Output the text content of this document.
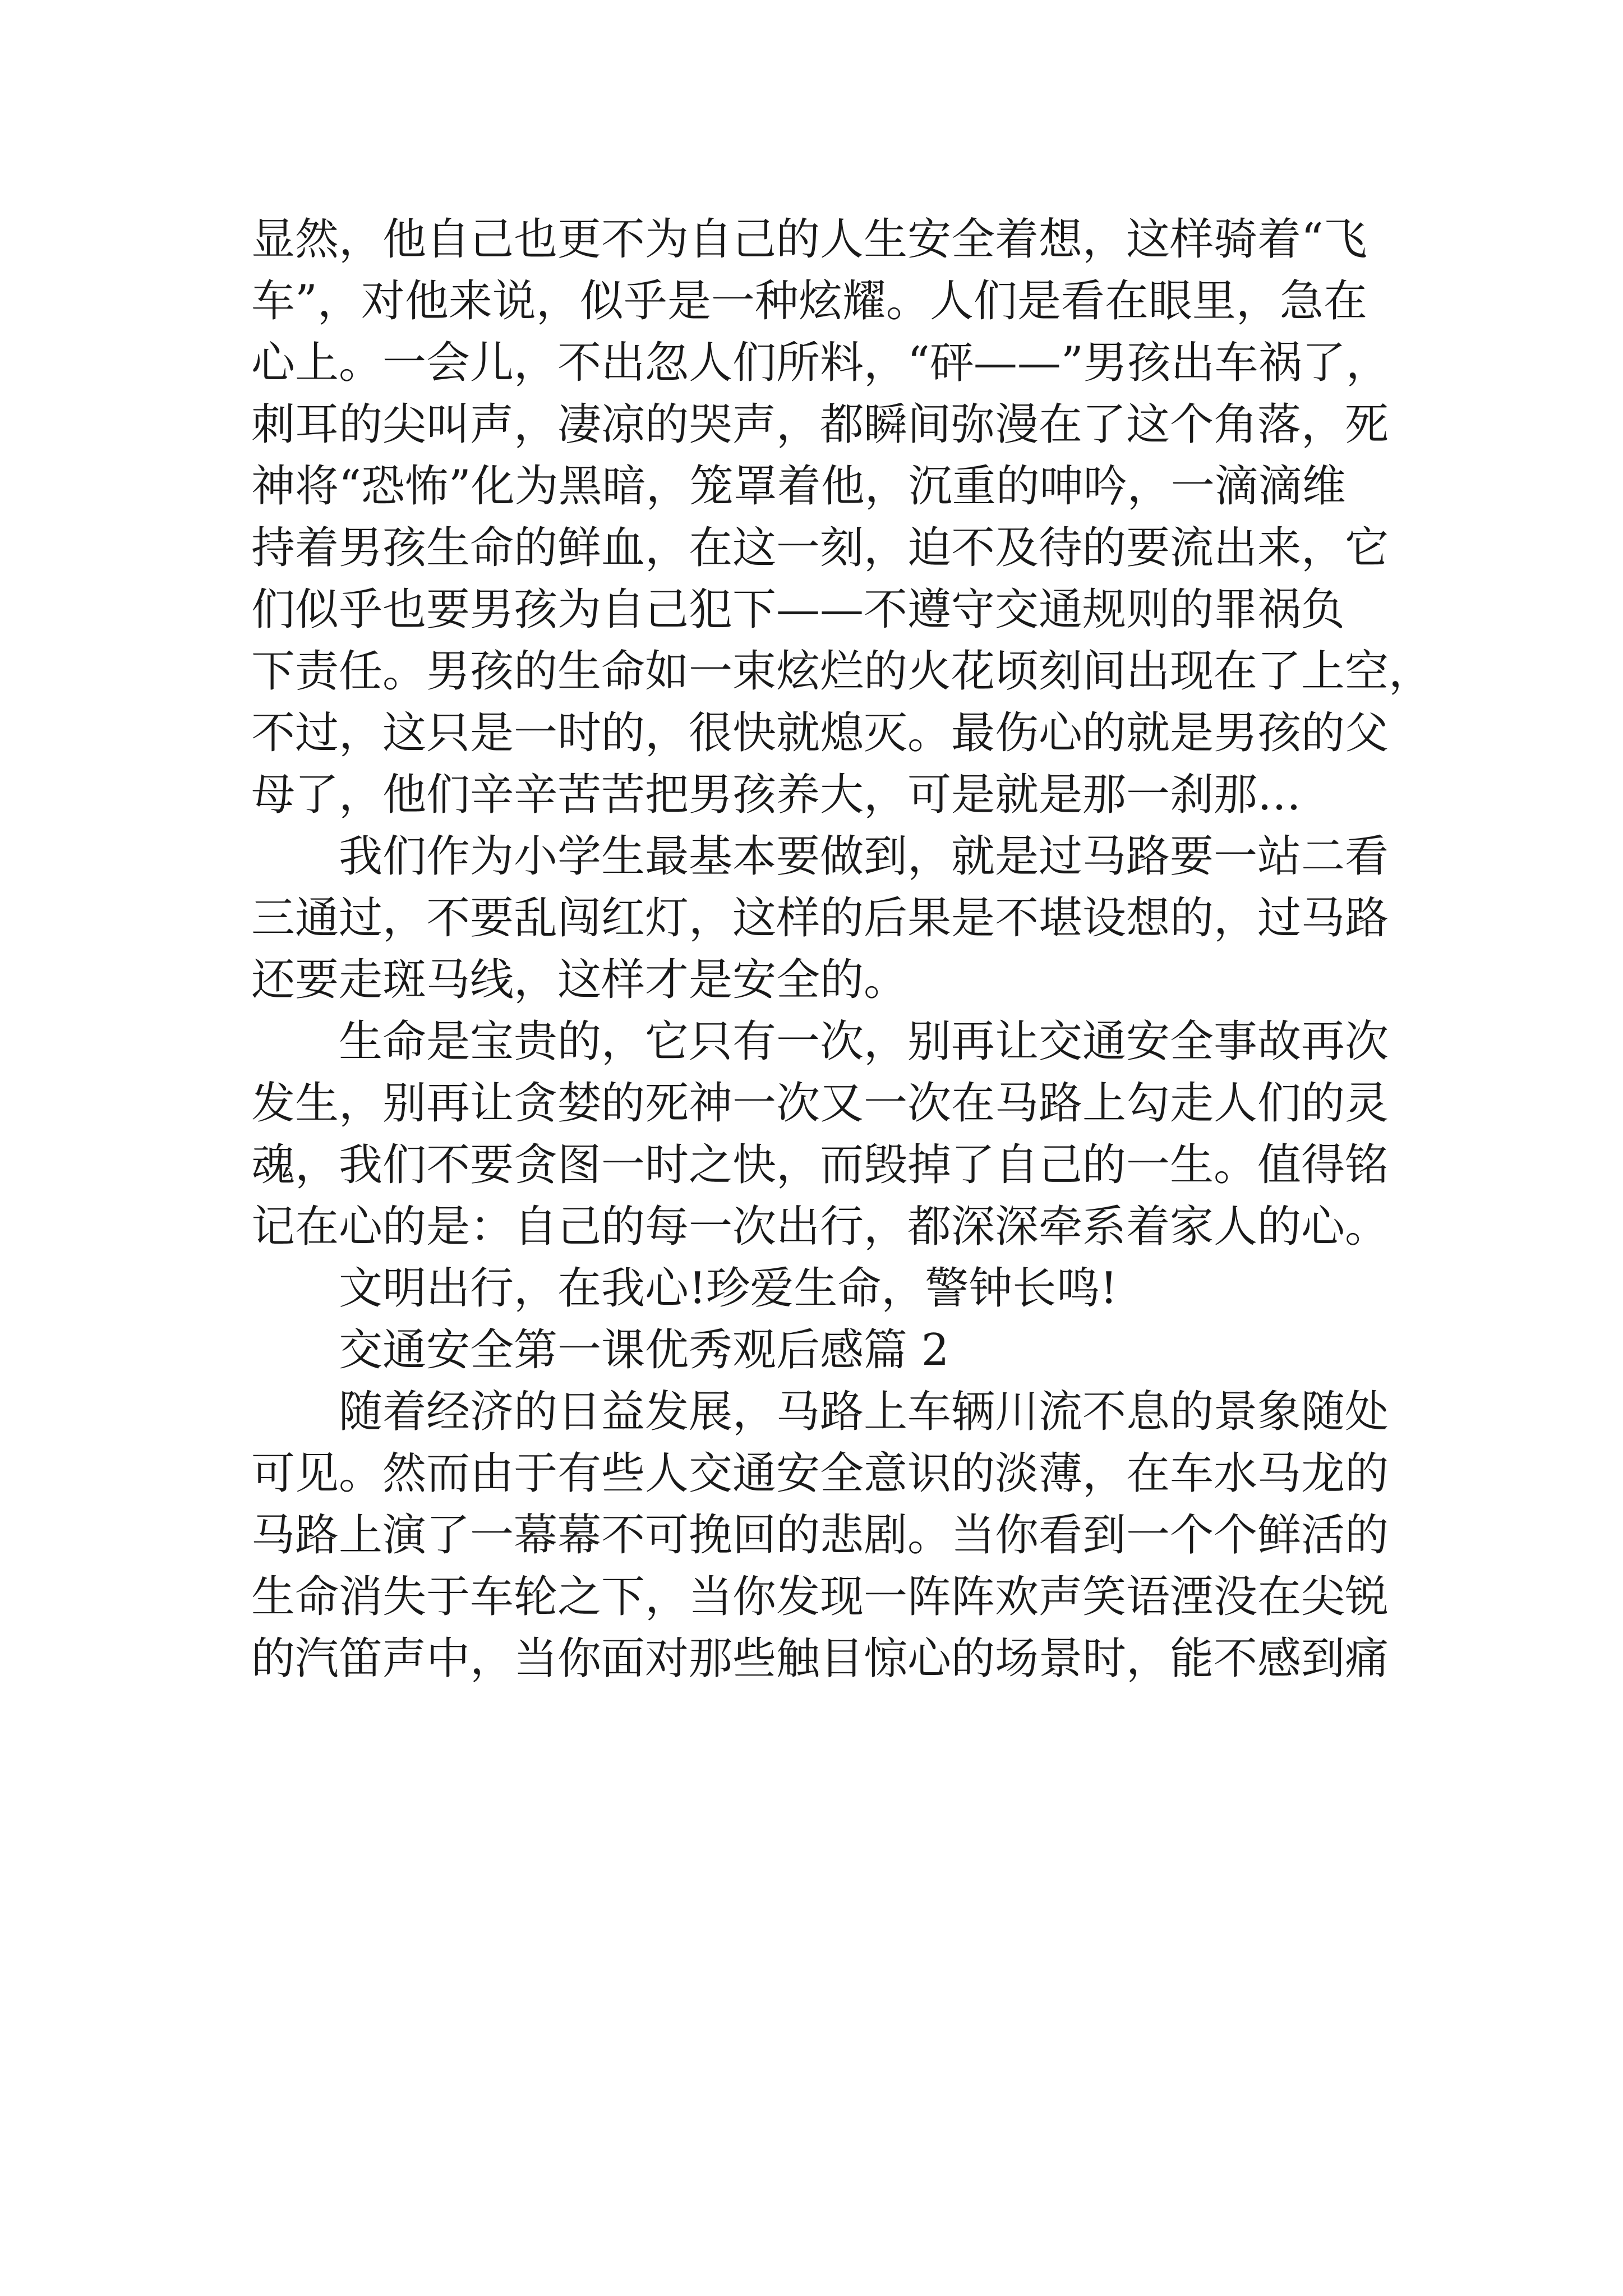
显然，他自己也更不为自己的人生安全着想，这样骑着“飞
车”，对他来说，似乎是一种炫耀。人们是看在眼里，急在
心上。一会儿，不出忽人们所料，“砰——”男孩出车祸了，
刺耳的尖叫声，凄凉的哭声，都瞬间弥漫在了这个角落，死
神将“恐怖”化为黑暗，笼罩着他，沉重的呻吟，一滴滴维
持着男孩生命的鲜血，在这一刻，迫不及待的要流出来，它
们似乎也要男孩为自己犯下——不遵守交通规则的罪祸负
下责任。男孩的生命如一束炫烂的火花顷刻间出现在了上空，
不过，这只是一时的，很快就熄灭。最伤心的就是男孩的父
母了，他们辛辛苦苦把男孩养大，可是就是那一刹那…
我们作为小学生最基本要做到，就是过马路要一站二看
三通过，不要乱闯红灯，这样的后果是不堪设想的，过马路
还要走斑马线，这样才是安全的。
生命是宝贵的，它只有一次，别再让交通安全事故再次
发生，别再让贪婪的死神一次又一次在马路上勾走人们的灵
魂，我们不要贪图一时之快，而毁掉了自己的一生。值得铭
记在心的是：自己的每一次出行，都深深牵系着家人的心。
文明出行，在我心!珍爱生命，警钟长鸣!
交通安全第一课优秀观后感篇 2
随着经济的日益发展，马路上车辆川流不息的景象随处
可见。然而由于有些人交通安全意识的淡薄，在车水马龙的
马路上演了一幕幕不可挽回的悲剧。当你看到一个个鲜活的
生命消失于车轮之下，当你发现一阵阵欢声笑语湮没在尖锐
的汽笛声中，当你面对那些触目惊心的场景时，能不感到痛
